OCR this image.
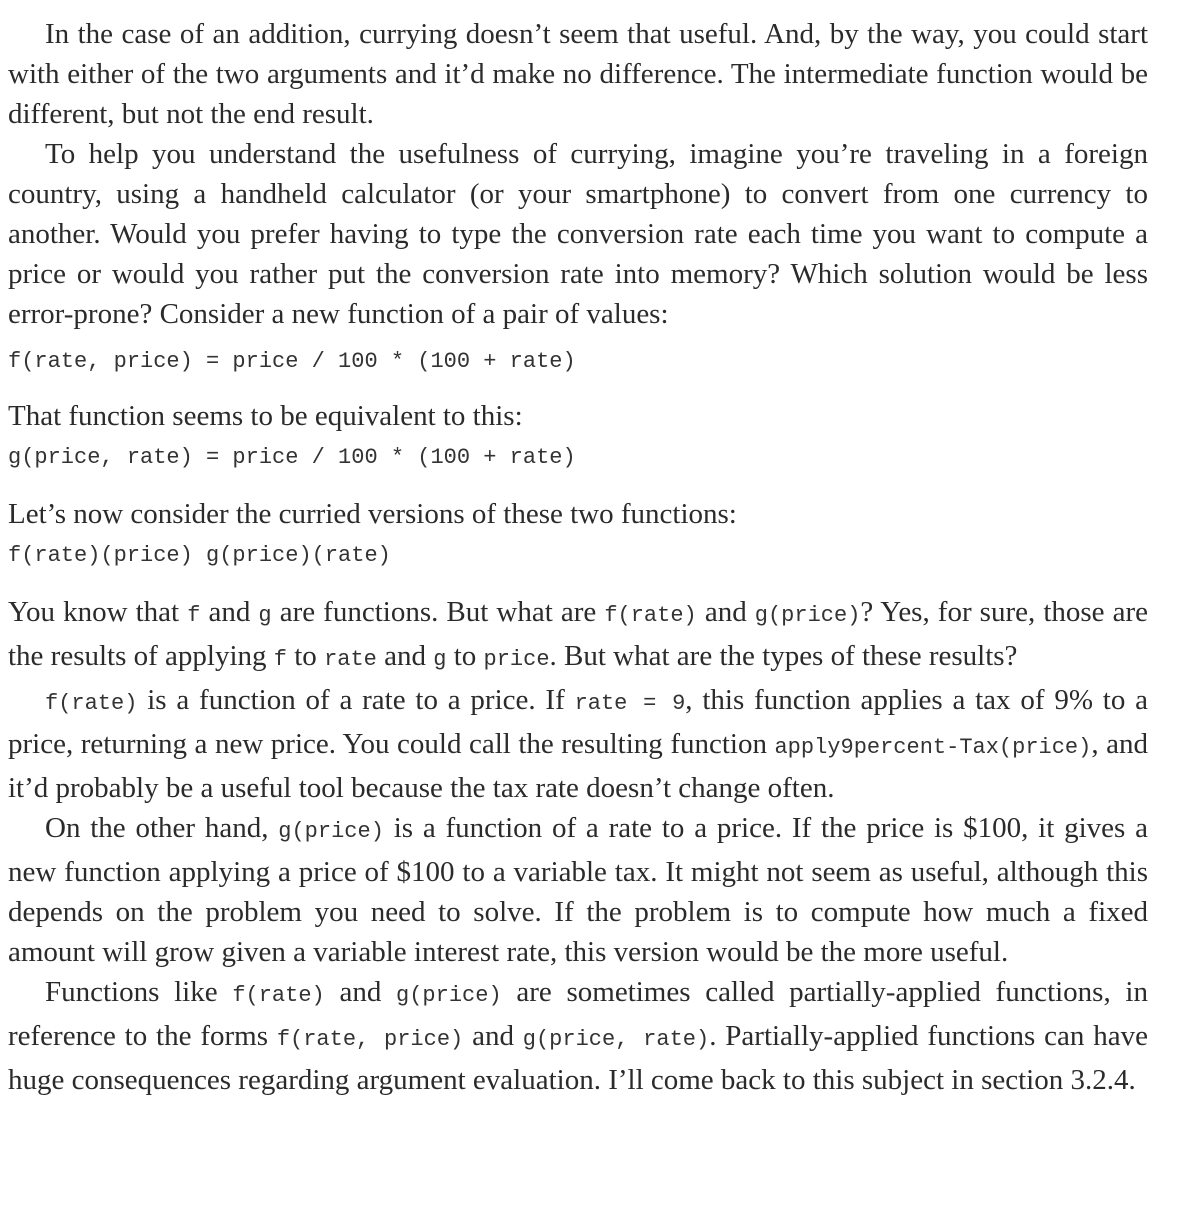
In the case of an addition, currying doesn’t seem that useful. And, by the way, you could start with either of the two arguments and it’d make no difference. The intermediate function would be different, but not the end result.

To help you understand the usefulness of currying, imagine you’re traveling in a foreign country, using a handheld calculator (or your smartphone) to convert from one currency to another. Would you prefer having to type the conversion rate each time you want to compute a price or would you rather put the conversion rate into memory? Which solution would be less error-prone? Consider a new function of a pair of values:

f(rate, price) = price / 100 * (100 + rate)

That function seems to be equivalent to this:

g(price, rate) = price / 100 * (100 + rate)

Let’s now consider the curried versions of these two functions:

f(rate)(price) g(price)(rate)

You know that f and g are functions. But what are f(rate) and g(price)? Yes, for sure, those are the results of applying f to rate and g to price. But what are the types of these results?

f(rate) is a function of a rate to a price. If rate = 9, this function applies a tax of 9% to a price, returning a new price. You could call the resulting function apply9percent-Tax(price), and it’d probably be a useful tool because the tax rate doesn’t change often.

On the other hand, g(price) is a function of a rate to a price. If the price is $100, it gives a new function applying a price of $100 to a variable tax. It might not seem as useful, although this depends on the problem you need to solve. If the problem is to compute how much a fixed amount will grow given a variable interest rate, this version would be the more useful.

Functions like f(rate) and g(price) are sometimes called partially-applied functions, in reference to the forms f(rate, price) and g(price, rate). Partially-applied functions can have huge consequences regarding argument evaluation. I’ll come back to this subject in section 3.2.4.
